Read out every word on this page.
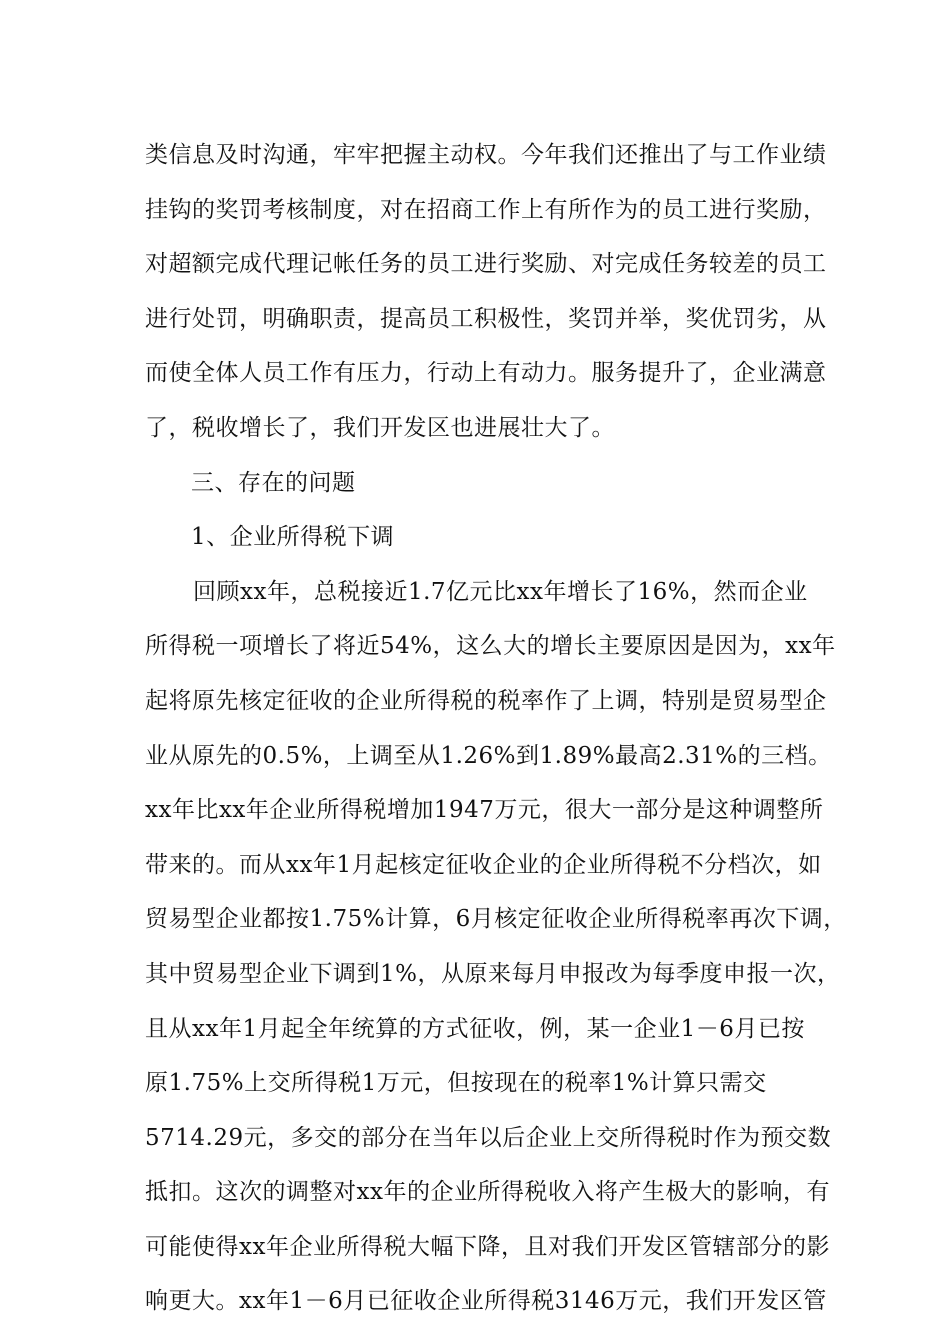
类信息及时沟通，牢牢把握主动权。今年我们还推出了与工作业绩
挂钩的奖罚考核制度，对在招商工作上有所作为的员工进行奖励，
对超额完成代理记帐任务的员工进行奖励、对完成任务较差的员工
进行处罚，明确职责，提高员工积极性，奖罚并举，奖优罚劣，从
而使全体人员工作有压力，行动上有动力。服务提升了，企业满意
了，税收增长了，我们开发区也进展壮大了。
三、存在的问题
1、企业所得税下调
回顾xx年，总税接近1.7亿元比xx年增长了16%，然而企业
所得税一项增长了将近54%，这么大的增长主要原因是因为，xx年
起将原先核定征收的企业所得税的税率作了上调，特别是贸易型企
业从原先的0.5%，上调至从1.26%到1.89%最高2.31%的三档。
xx年比xx年企业所得税增加1947万元，很大一部分是这种调整所
带来的。而从xx年1月起核定征收企业的企业所得税不分档次，如
贸易型企业都按1.75%计算，6月核定征收企业所得税率再次下调，
其中贸易型企业下调到1%，从原来每月申报改为每季度申报一次，
且从xx年1月起全年统算的方式征收，例，某一企业1－6月已按
原1.75%上交所得税1万元，但按现在的税率1%计算只需交
5714.29元，多交的部分在当年以后企业上交所得税时作为预交数
抵扣。这次的调整对xx年的企业所得税收入将产生极大的影响，有
可能使得xx年企业所得税大幅下降，且对我们开发区管辖部分的影
响更大。xx年1－6月已征收企业所得税3146万元，我们开发区管
